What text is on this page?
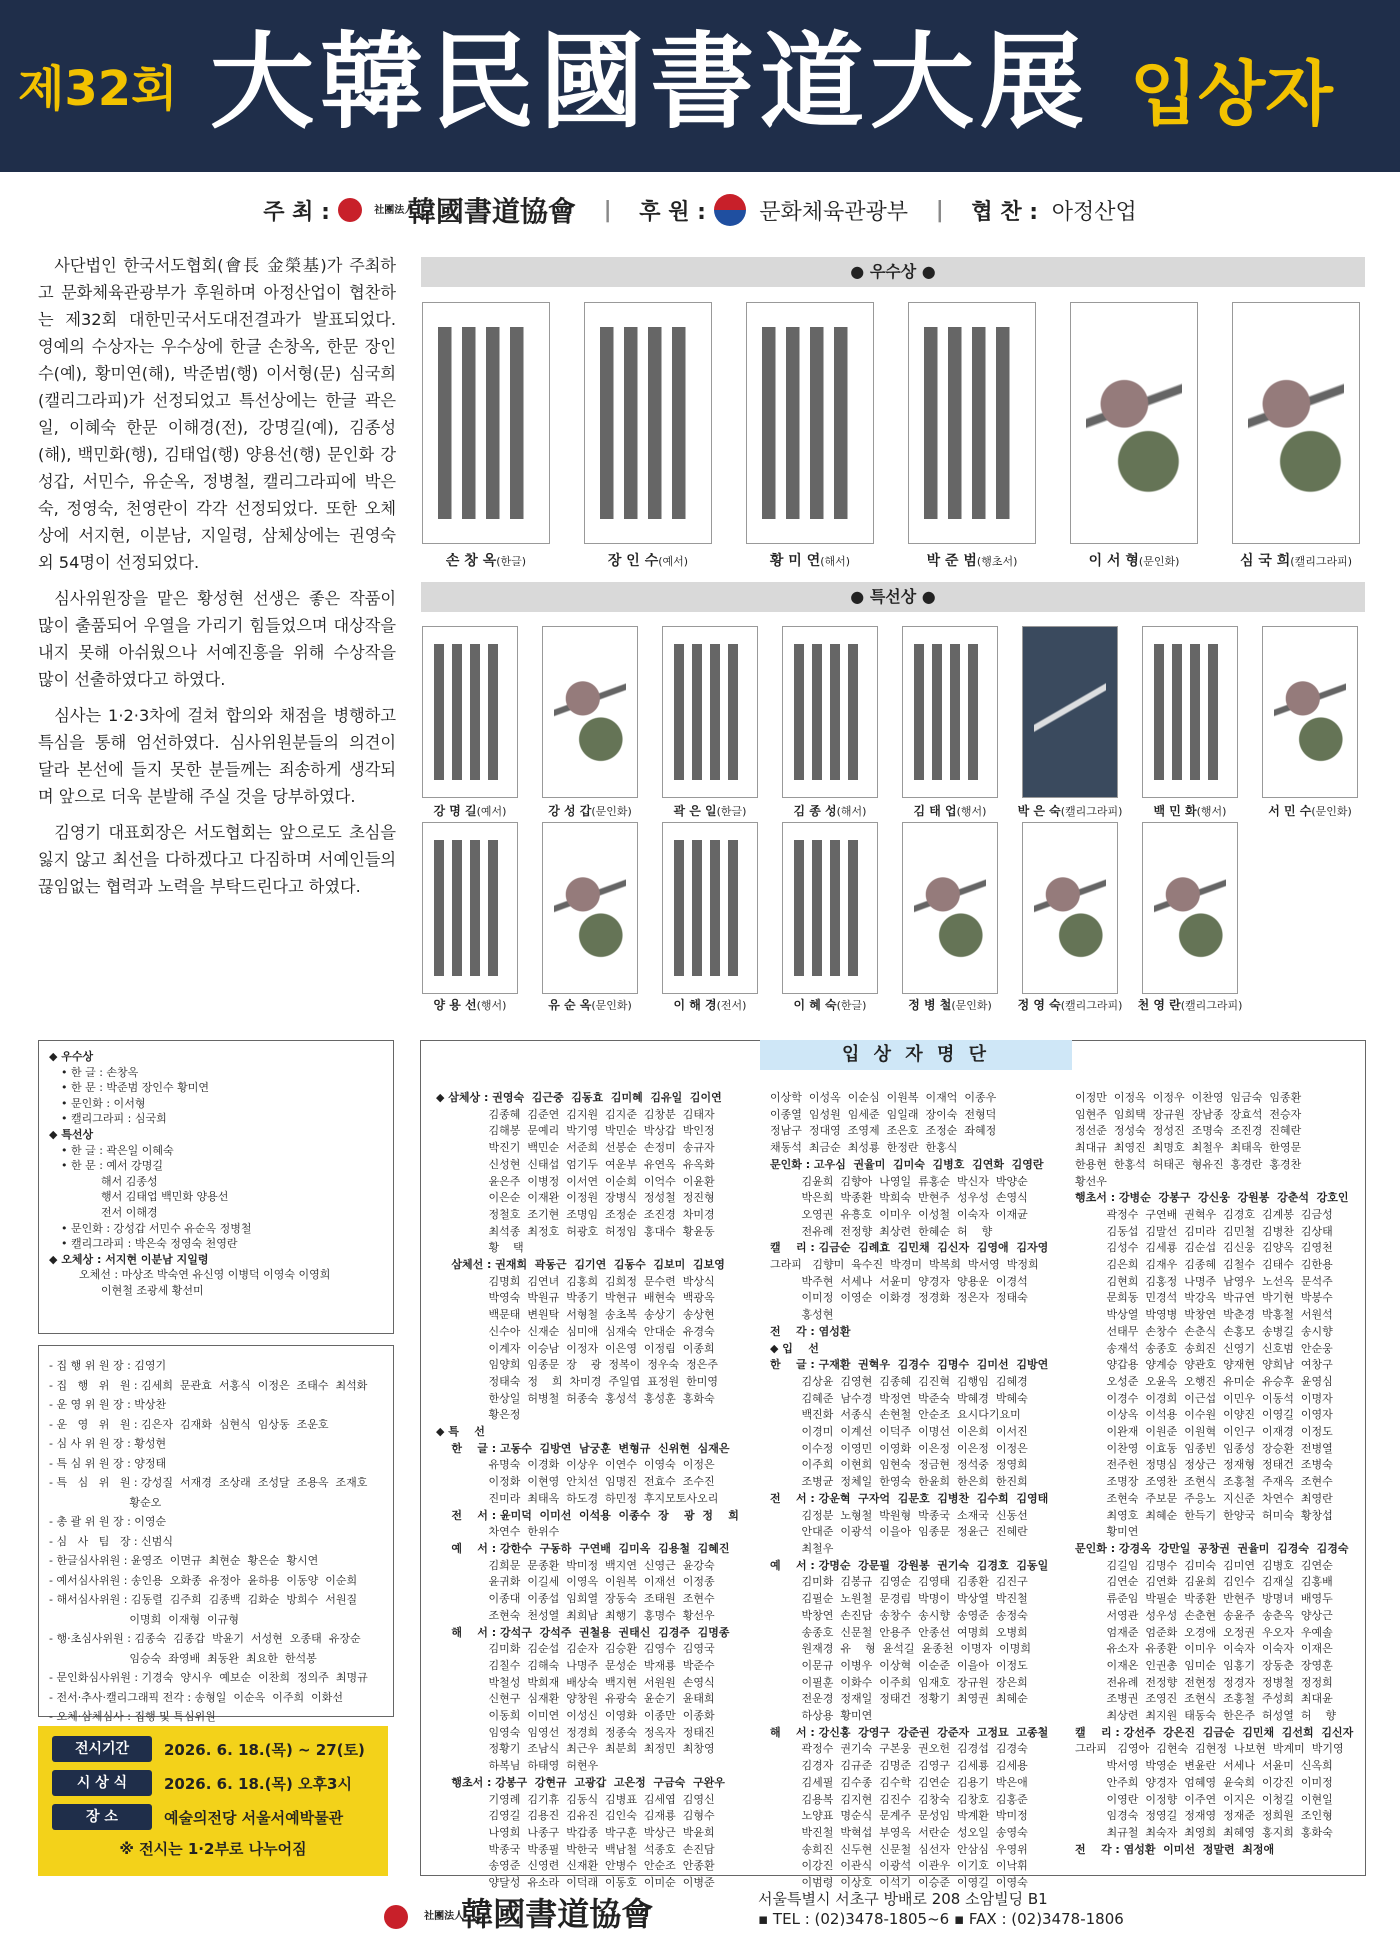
제32회 大韓民國書道大展 입상자
주 최 :	社團法人 韓國書道協會 | 후 원 : 문화체육관광부 | 협 찬 : 아정산업

사단법인 한국서도협회(會長 金榮基)가 주최하고 문화체육관광부가 후원하며 아정산업이 협찬하는 제32회 대한민국서도대전결과가 발표되었다. 영예의 수상자는 우수상에 한글 손창옥, 한문 장인수(예), 황미연(해), 박준범(행) 이서형(문) 심국희(캘리그라피)가 선정되었고 특선상에는 한글 곽은일, 이혜숙 한문 이해경(전), 강명길(예), 김종성(해), 백민화(행), 김태업(행) 양용선(행) 문인화 강성갑, 서민수, 유순옥, 정병철, 캘리그라피에 박은숙, 정영숙, 천영란이 각각 선정되었다. 또한 오체상에 서지현, 이분남, 지일령, 삼체상에는 권영숙 외 54명이 선정되었다.

심사위원장을 맡은 황성현 선생은 좋은 작품이 많이 출품되어 우열을 가리기 힘들었으며 대상작을 내지 못해 아쉬웠으나 서예진흥을 위해 수상작을 많이 선출하였다고 하였다.

심사는 1·2·3차에 걸쳐 합의와 채점을 병행하고 특심을 통해 엄선하였다. 심사위원분들의 의견이 달라 본선에 들지 못한 분들께는 죄송하게 생각되며 앞으로 더욱 분발해 주실 것을 당부하였다.

김영기 대표회장은 서도협회는 앞으로도 초심을 잃지 않고 최선을 다하겠다고 다짐하며 서예인들의 끊임없는 협력과 노력을 부탁드린다고 하였다.

● 우수상 ●
손 창 옥(한글)	장 인 수(예서)	황 미 연(해서)	박 준 범(행초서)	이 서 형(문인화)	심 국 희(캘리그라피)
● 특선상 ●
강 명 길(예서)	강 성 갑(문인화)	곽 은 일(한글)	김 종 성(해서)	김 태 업(행서)	박 은 숙(캘리그라피)	백 민 화(행서)	서 민 수(문인화)
양 용 선(행서)	유 순 옥(문인화)	이 해 경(전서)	이 혜 숙(한글)	정 병 철(문인화)	정 영 숙(캘리그라피)	천 영 란(캘리그라피)
◆ 우수상
• 한 글 : 손창옥
• 한 문 : 박준범 장인수 황미연
• 문인화 : 이서형
• 캘리그라피 : 심국희
◆ 특선상
• 한 글 : 곽은일 이혜숙
• 한 문 : 예서 강명길
해서 김종성
행서 김태업 백민화 양용선
전서 이해경
• 문인화 : 강성갑 서민수 유순옥 정병철
• 캘리그라피 : 박은숙 정영숙 천영란
◆ 오체상 : 서지현 이분남 지일령
오체선 : 마상조 박숙연 유신영 이병덕 이영숙 이영희
이현철 조광세 황선미
- 집 행 위 원 장 : 김영기
- 집   행   위   원 : 김세희  문관효  서홍식  이정은  조태수  최석화
- 운 영 위 원 장 : 박상찬
- 운   영   위   원 : 김은자  김재화  심현식  임상동  조운호
- 심 사 위 원 장 : 황성현
- 특 심 위 원 장 : 양정태
- 특   심   위   원 : 강성질  서재경  조상래  조성달  조용옥  조재호
황순오
- 총 괄 위 원 장 : 이영순
- 심   사   팀   장 : 신범식
- 한글심사위원 : 윤영조  이면규  최현순  황은순  황시연
- 예서심사위원 : 송인용  오화종  유정아  윤하용  이동양  이순희
- 해서심사위원 : 김동렬  김주희  김종백  김화순  방희수  서원질
이명희  이재형  이규형
- 행·초심사위원 : 김종숙  김종갑  박윤기  서성현  오종태  유장순
임승숙  좌영배  최동완  최요한  한석봉
- 문인화심사위원 : 기경숙  양시우  예보순  이찬희  정의주  최명규
- 전서·추사·캘리그래픽 전각 : 송형일  이순옥  이주희  이화선
- 오체·삼체심사 : 집행 및 특심위원
전시기간	2026. 6. 18.(목) ~ 27(토)
시 상 식	2026. 6. 18.(목) 오후3시
장 소	예술의전당 서울서예박물관
※ 전시는 1·2부로 나누어짐
입 상 자 명 단
◆ 삼체상 : 권영숙  김근중  김동효  김미혜  김유일  김이연
김종혜  김준연  김지원  김지준  김창분  김태자
김해봉  문예리  박기영  박민순  박상갑  박인정
박진기  백민순  서준희  선봉순  손정미  송규자
신성현  신태섭  엄기두  여운부  유연옥  유옥화
윤은주  이병정  이서연  이순희  이억수  이윤환
이은순  이재완  이정원  장병식  정성철  정진형
정철호  조기현  조명임  조정순  조진경  차미경
최석종  최정호  허광호  허정임  홍대수  황윤동
황    택
삼체선 : 권재희  곽동근  김기연  김동수  김보미  김보영
김명희  김연녀  김홍희  김희정  문수련  박상식
박영숙  박원규  박종기  박현규  배현숙  백광옥
백문태  변원탁  서형철  송초복  송상기  송상현
신수아  신재순  심미애  심재숙  안대순  유경숙
이계자  이승남  이정자  이은영  이정림  이종희
임양희  임종문  장    광  정복이  정우숙  정은주
정태숙  정    희  차미경  주일엽  표정원  한미영
한상일  허병철  허종숙  홍성석  홍성훈  홍화숙
황은정
◆ 특    선
한    글 : 고동수  김방연  남궁훈  변형규  신위현  심재은
유명숙  이경화  이상우  이연수  이영숙  이정은
이정화  이현영  안치선  임명진  전효수  조수진
진미라  최태옥  하도경  하민정  후지모토사오리
전    서 : 윤미덕  이미선  이석용  이종수  장    광  정    희
차연수  한위수
예    서 : 강한수  구동하  구연배  김미옥  김용철  김혜진
김희문  문종환  박미정  백지연  신영근  윤강숙
윤귀화  이길세  이영옥  이원복  이재선  이정종
이종대  이종섭  임희열  장동숙  조태원  조현수
조현숙  천성열  최희남  최행기  홍명수  황선우
해    서 : 강석구  강석주  권철용  권태신  김경주  김명종
김미화  김순섭  김순자  김승환  김영수  김영국
김칠수  김해숙  나명주  문성순  박재룡  박준수
박철성  박희재  배상숙  백지현  서원원  손영식
신현구  심재환  양창원  유광숙  윤순기  윤태희
이동희  이미연  이성신  이영화  이종만  이종화
임영숙  임영선  정경희  정종숙  정옥자  정태진
정황기  조남식  최근우  최분희  최정민  최창영
하복님  하태영  허현우
행초서 : 강봉구  강현규  고광갑  고은정  구금숙  구완우
기영례  김기휴  김동식  김병표  김세엽  김영신
김영길  김용진  김유진  김인숙  김재룡  김형수
나영희  나종구  박갑종  박구훈  박상근  박윤희
박종국  박종필  박한국  백남철  석종호  손진담
송영준  신영련  신재환  안병수  안순조  안종환
양달성  유소라  이덕래  이동호  이미순  이병준
이상학  이성옥  이순심  이원복  이재억  이종우
이종열  임성원  임세준  임일래  장이숙  전형덕
정남구  정대영  조영제  조은호  조정순  좌혜정
채동석  최금순  최성룡  한정란  한홍식
문인화 : 고우심  권율미  김미숙  김병호  김연화  김영란
김윤희  김향아  나영일  류홍순  박신자  박양순
박은희  박종환  박희숙  반현주  성우성  손영식
오영권  유흥호  이미우  이성철  이숙자  이재균
전유례  전정향  최상련  한혜순  허    향
캘    리 : 김금순  김례효  김민채  김신자  김영애  김자영
그라피   김향미  육수진  박경미  박복희  박서영  박정희
박주현  서세나  서윤미  양경자  양용운  이경석
이미정  이영순  이화경  정경화  정은자  정태숙
홍성현
전    각 : 염성환
◆ 입    선
한    글 : 구재환  권혁우  김경수  김명수  김미선  김방연
김상윤  김영현  김종혜  김진혁  김행임  김혜경
김혜준  남수경  박정연  박준숙  박혜경  박혜숙
백진화  서종식  손현철  안순조  요시다기요미
이경미  이계선  이덕주  이명선  이은희  이서진
이수정  이영민  이영화  이은정  이은정  이정은
이주희  이현희  임현숙  정금현  정석중  정영희
조병균  정체일  한영숙  한윤희  한은희  한진희
전    서 : 강운혁  구자억  김문호  김병찬  김수희  김영태
김정분  노형철  박원형  박종국  소재국  신동선
안대준  이광석  이을아  임종문  정윤근  진혜란
최철우
예    서 : 강명순  강문필  강원봉  권기숙  김경호  김동일
김미화  김봉규  김영순  김영태  김종환  김진구
김필순  노원철  문경림  박명이  박상열  박진철
박창연  손진담  송창수  송시향  송영준  송정숙
송종호  신문철  안용주  안종선  여명희  오병희
원재경  유    형  윤석길  윤종천  이명자  이명희
이문규  이병우  이상혁  이순준  이을아  이정도
이필훈  이화수  이주희  임재호  장규원  장은희
전운경  정재일  정태건  정황기  최영권  최혜순
하상용  황미연
해    서 : 강신홍  강영구  강준권  강준자  고정묘  고종철
곽정수  권기숙  구본웅  권오헌  김경섭  김경숙
김경자  김규준  김명준  김영구  김세룡  김세용
김세필  김수종  김수학  김연순  김용기  박은애
김용복  김지현  김진수  김창숙  김창호  김홍준
노양표  명순식  문계주  문성임  박계환  박미정
박진철  박혁섭  부영옥  서란순  성오일  송영숙
송희진  신두현  신문철  심선자  안삼심  우영위
이강진  이관식  이광석  이관우  이기호  이낙휘
이범령  이상호  이석기  이승준  이영길  이영숙
이정만  이정옥  이정우  이찬영  임금숙  임종환
임현주  임희택  장규원  장남종  장효석  전승자
정선준  정성숙  정성진  조명숙  조진경  진혜란
최대규  최영진  최명호  최철우  최태옥  한영문
한용현  한홍석  허태곤  형유진  홍경란  홍경찬
황선우
행초서 : 강병순  강봉구  강신웅  강원봉  강춘석  강호인
곽정수  구연배  권혁우  김경호  김계봉  김금성
김동섭  김말선  김미라  김민철  김병찬  김상태
김성수  김세룡  김순섭  김신웅  김양옥  김영천
김은희  김재우  김종혜  김철수  김태수  김한용
김현희  김홍정  나명주  남영우  노선옥  문석주
문희동  민경석  박강옥  박규연  박기현  박봉수
박상열  박영병  박창연  박춘경  박홍철  서원석
선태무  손창수  손춘식  손홍모  송병길  송시향
송재석  송종호  송희진  신영기  신호범  안순웅
양갑용  양계승  양관호  양재현  양희남  여창구
오성준  오윤옥  오행진  유미순  유승후  윤영심
이경수  이경희  이근섭  이민우  이동석  이명자
이상옥  이석용  이수원  이양진  이영길  이영자
이완재  이원준  이원혁  이인구  이재경  이정도
이찬영  이효동  임종빈  임종성  장승환  전병열
전주헌  정명심  정상근  정재형  정태건  조병숙
조명장  조영찬  조현식  조홍철  주재옥  조현수
조현숙  주보문  주응노  지신준  차연수  최영란
최영호  최혜순  한득기  한양국  허미숙  황창섭
황미연
문인화 : 강경옥  강만일  공창권  권율미  김경숙  김경숙
김길임  김명수  김미숙  김미연  김병호  김연순
김연순  김연화  김윤희  김인수  김재실  김홍배
류준임  박필순  박종환  반현주  방명녀  배영두
서영관  성우성  손춘현  송윤주  송춘옥  양상근
엄재준  엄준화  오경애  오정권  우오자  우예솔
유소자  유종환  이미우  이숙자  이숙자  이재은
이재온  인권총  임미순  임홍기  장동춘  장영훈
전유례  전정향  전현정  정경자  정병철  정정희
조병권  조영진  조현식  조홍철  주성희  최대윤
최상련  최지원  태동숙  한은주  허성열  허    향
캘    리 : 강선주  강은진  김금순  김민채  김선희  김신자
그라피   김영아  김현숙  김현정  나보현  박계미  박기영
박서영  박영순  변윤란  서세나  서윤미  신옥희
안주희  양경자  엄혜영  윤숙희  이강진  이미정
이영란  이정향  이주연  이지은  이청길  이현일
임경숙  정영길  정재영  정재준  정희원  조인형
최규철  최숙자  최영희  최혜영  홍지희  홍화숙
전    각 : 염성환  이미선  정말련  최정애
社團法人 韓國書道協會	서울특별시 서초구 방배로 208 소암빌딩 B1
▪ TEL : (02)3478-1805~6 ▪ FAX : (02)3478-1806
